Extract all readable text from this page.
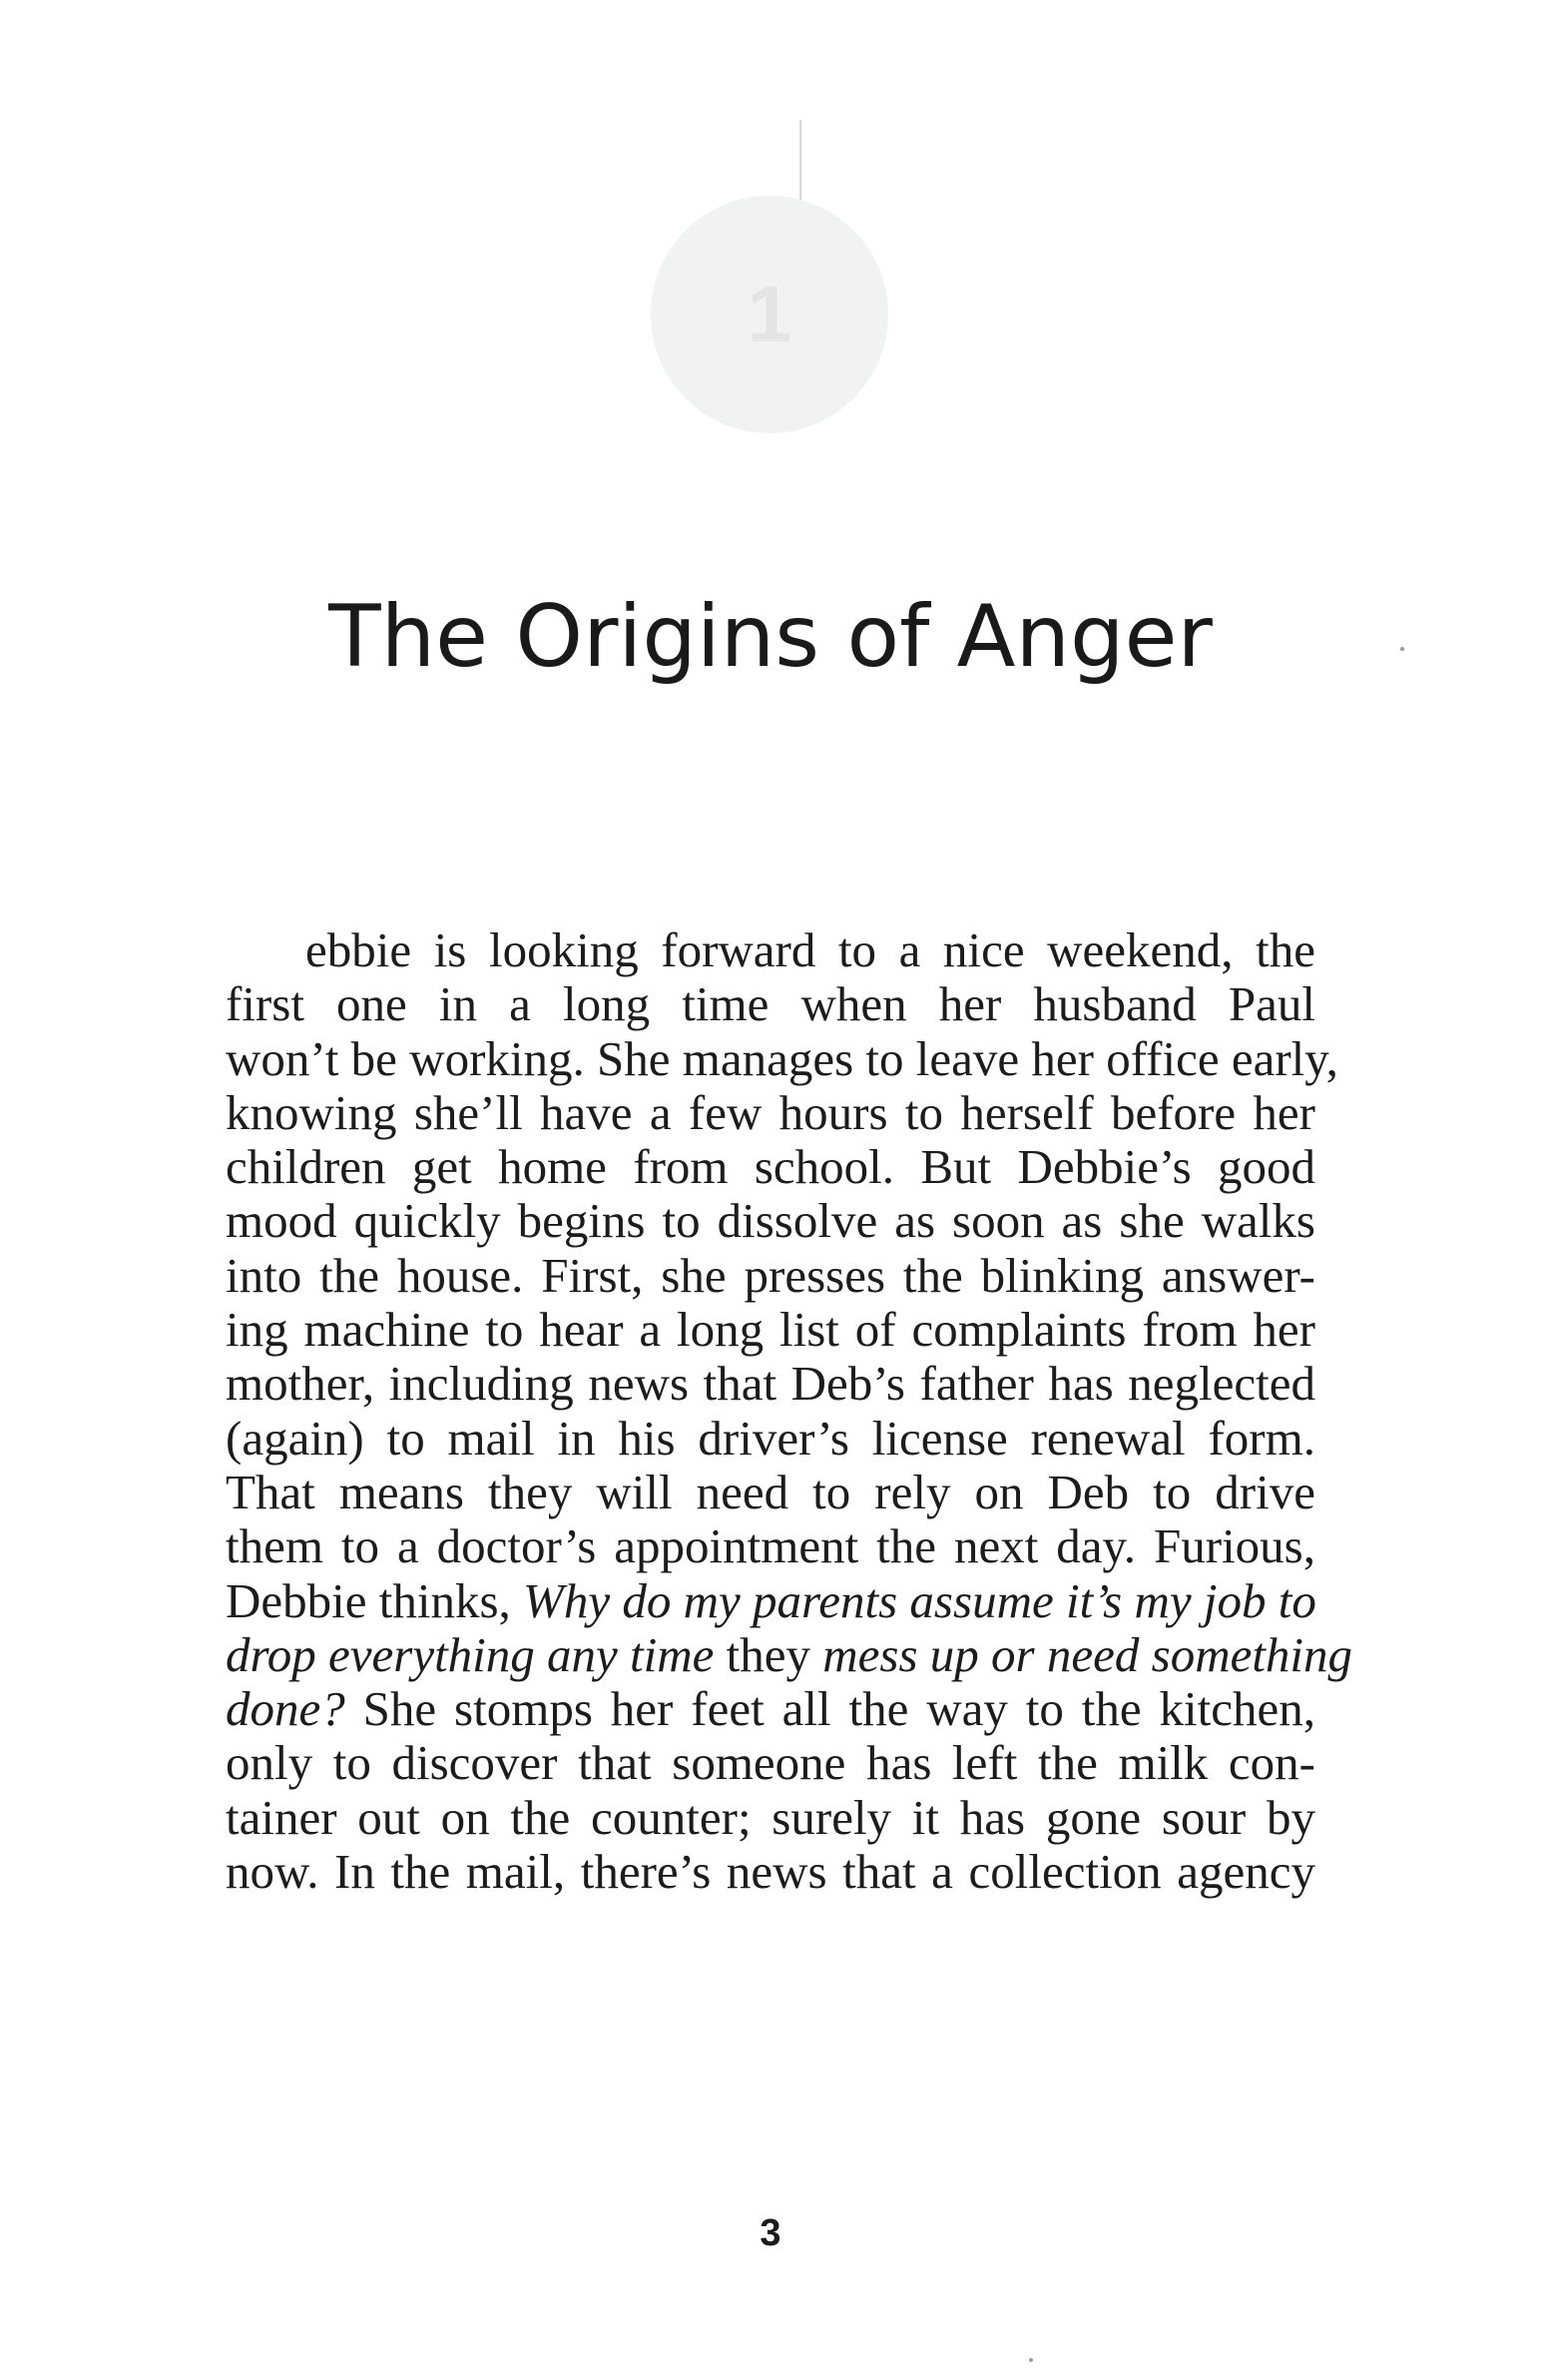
1
The Origins of Anger
ebbie is looking forward to a nice weekend, the
first one in a long time when her husband Paul
won’t be working. She manages to leave her office early,
knowing she’ll have a few hours to herself before her
children get home from school. But Debbie’s good
mood quickly begins to dissolve as soon as she walks
into the house. First, she presses the blinking answer-
ing machine to hear a long list of complaints from her
mother, including news that Deb’s father has neglected
(again) to mail in his driver’s license renewal form.
That means they will need to rely on Deb to drive
them to a doctor’s appointment the next day. Furious,
Debbie thinks, Why do my parents assume it’s my job to
drop everything any time they mess up or need something
done? She stomps her feet all the way to the kitchen,
only to discover that someone has left the milk con-
tainer out on the counter; surely it has gone sour by
now. In the mail, there’s news that a collection agency
3
